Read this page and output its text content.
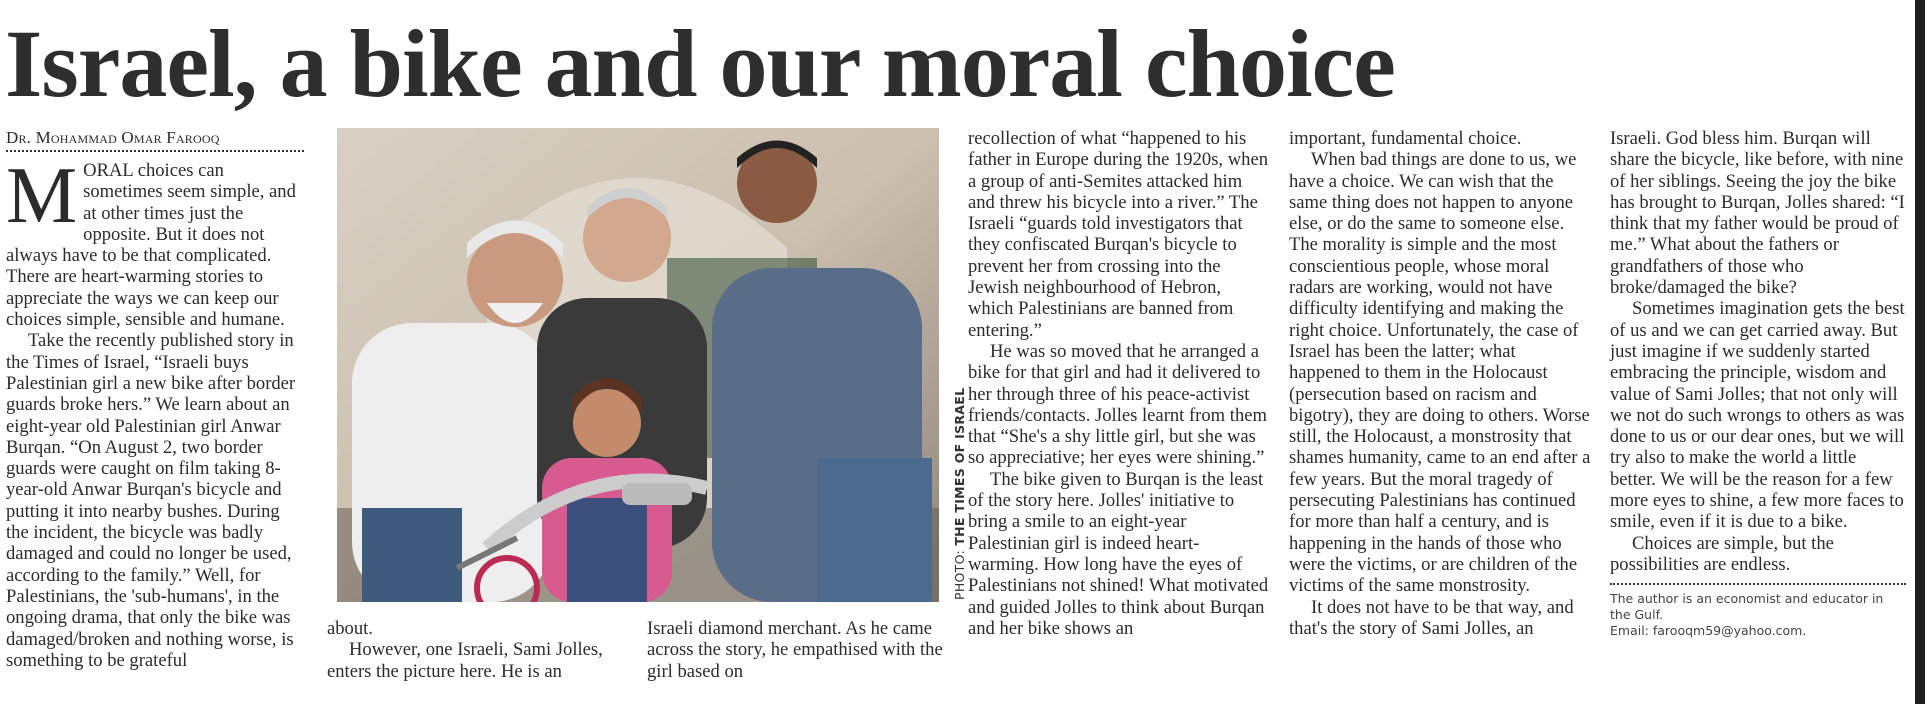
Israel, a bike and our moral choice
Dr. Mohammad Omar Farooq

MORAL choices can sometimes seem simple, and at other times just the opposite. But it does not always have to be that complicated. There are heart-warming stories to appreciate the ways we can keep our choices simple, sensible and humane.

Take the recently published story in the Times of Israel, “Israeli buys Palestinian girl a new bike after border guards broke hers.” We learn about an eight-year old Palestinian girl Anwar Burqan. “On August 2, two border guards were caught on film taking 8-year-old Anwar Burqan's bicycle and putting it into nearby bushes. During the incident, the bicycle was badly damaged and could no longer be used, according to the family.” Well, for Palestinians, the 'sub-humans', in the ongoing drama, that only the bike was damaged/broken and nothing worse, is something to be grateful

PHOTO: THE TIMES OF ISRAEL

about.

However, one Israeli, Sami Jolles, enters the picture here. He is an

Israeli diamond merchant. As he came across the story, he empathised with the girl based on

recollection of what “happened to his father in Europe during the 1920s, when a group of anti-Semites attacked him and threw his bicycle into a river.” The Israeli “guards told investigators that they confiscated Burqan's bicycle to prevent her from crossing into the Jewish neighbourhood of Hebron, which Palestinians are banned from entering.”

He was so moved that he arranged a bike for that girl and had it delivered to her through three of his peace-activist friends/contacts. Jolles learnt from them that “She's a shy little girl, but she was so appreciative; her eyes were shining.”

The bike given to Burqan is the least of the story here. Jolles' initiative to bring a smile to an eight-year Palestinian girl is indeed heart-warming. How long have the eyes of Palestinians not shined! What motivated and guided Jolles to think about Burqan and her bike shows an

important, fundamental choice.

When bad things are done to us, we have a choice. We can wish that the same thing does not happen to anyone else, or do the same to someone else. The morality is simple and the most conscientious people, whose moral radars are working, would not have difficulty identifying and making the right choice. Unfortunately, the case of Israel has been the latter; what happened to them in the Holocaust (persecution based on racism and bigotry), they are doing to others. Worse still, the Holocaust, a monstrosity that shames humanity, came to an end after a few years. But the moral tragedy of persecuting Palestinians has continued for more than half a century, and is happening in the hands of those who were the victims, or are children of the victims of the same monstrosity.

It does not have to be that way, and that's the story of Sami Jolles, an

Israeli. God bless him. Burqan will share the bicycle, like before, with nine of her siblings. Seeing the joy the bike has brought to Burqan, Jolles shared: “I think that my father would be proud of me.” What about the fathers or grandfathers of those who broke/damaged the bike?

Sometimes imagination gets the best of us and we can get carried away. But just imagine if we suddenly started embracing the principle, wisdom and value of Sami Jolles; that not only will we not do such wrongs to others as was done to us or our dear ones, but we will try also to make the world a little better. We will be the reason for a few more eyes to shine, a few more faces to smile, even if it is due to a bike.

Choices are simple, but the possibilities are endless.

The author is an economist and educator in the Gulf.
Email: farooqm59@yahoo.com.
